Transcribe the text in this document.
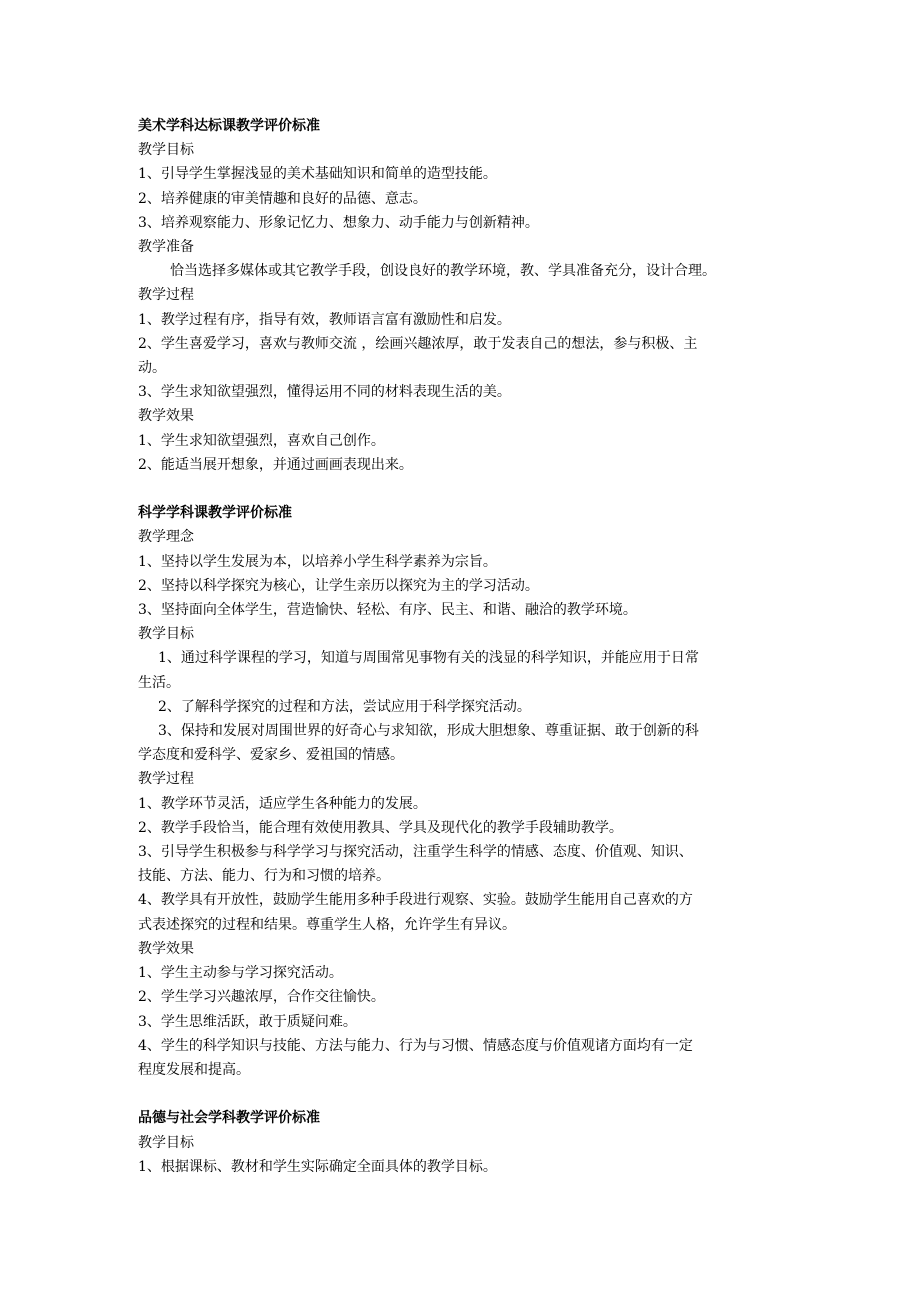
美术学科达标课教学评价标准
教学目标
1、引导学生掌握浅显的美术基础知识和简单的造型技能。
2、培养健康的审美情趣和良好的品德、意志。
3、培养观察能力、形象记忆力、想象力、动手能力与创新精神。
教学准备
恰当选择多媒体或其它教学手段，创设良好的教学环境，教、学具准备充分，设计合理。
教学过程
1、教学过程有序，指导有效，教师语言富有激励性和启发。
2、学生喜爱学习，喜欢与教师交流 ，绘画兴趣浓厚，敢于发表自己的想法，参与积极、主
动。
3、学生求知欲望强烈，懂得运用不同的材料表现生活的美。
教学效果
1、学生求知欲望强烈，喜欢自己创作。
2、能适当展开想象，并通过画画表现出来。
科学学科课教学评价标准
教学理念
1、坚持以学生发展为本，以培养小学生科学素养为宗旨。
2、坚持以科学探究为核心，让学生亲历以探究为主的学习活动。
3、坚持面向全体学生，营造愉快、轻松、有序、民主、和谐、融洽的教学环境。
教学目标
1、通过科学课程的学习，知道与周围常见事物有关的浅显的科学知识，并能应用于日常
生活。
2、了解科学探究的过程和方法，尝试应用于科学探究活动。
3、保持和发展对周围世界的好奇心与求知欲，形成大胆想象、尊重证据、敢于创新的科
学态度和爱科学、爱家乡、爱祖国的情感。
教学过程
1、教学环节灵活，适应学生各种能力的发展。
2、教学手段恰当，能合理有效使用教具、学具及现代化的教学手段辅助教学。
3、引导学生积极参与科学学习与探究活动，注重学生科学的情感、态度、价值观、知识、
技能、方法、能力、行为和习惯的培养。
4、教学具有开放性，鼓励学生能用多种手段进行观察、实验。鼓励学生能用自己喜欢的方
式表述探究的过程和结果。尊重学生人格，允许学生有异议。
教学效果
1、学生主动参与学习探究活动。
2、学生学习兴趣浓厚，合作交往愉快。
3、学生思维活跃，敢于质疑问难。
4、学生的科学知识与技能、方法与能力、行为与习惯、情感态度与价值观诸方面均有一定
程度发展和提高。
品德与社会学科教学评价标准
教学目标
1、根据课标、教材和学生实际确定全面具体的教学目标。
